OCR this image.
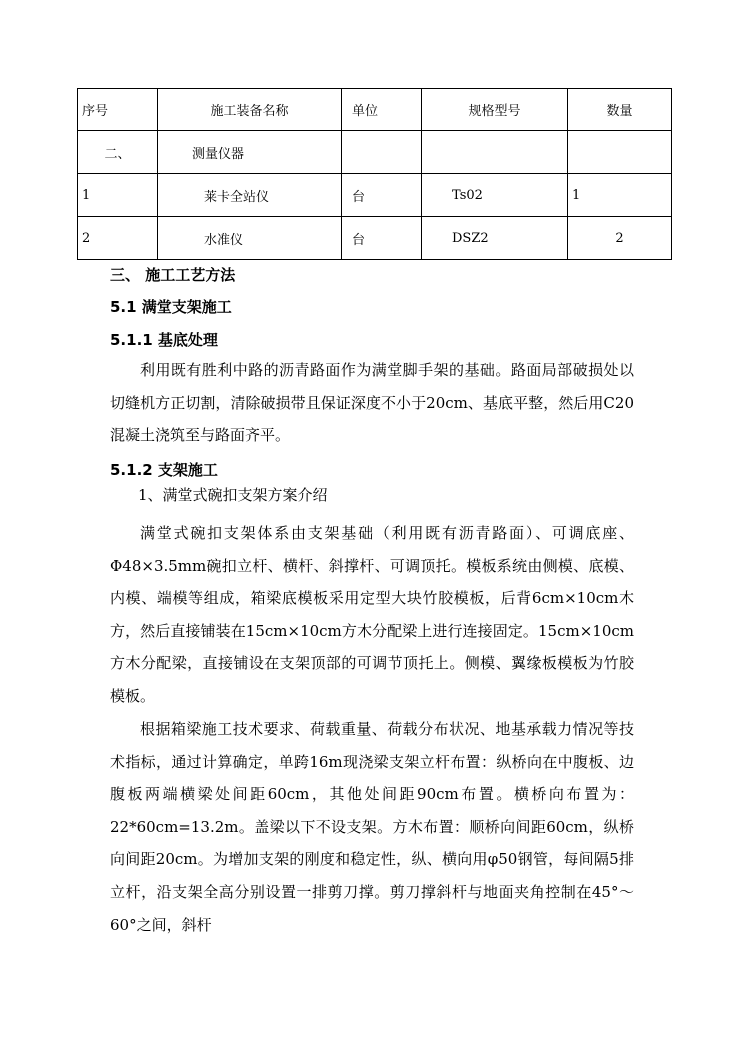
序号	施工装备名称	单位	规格型号	数量
二、	测量仪器			
1	莱卡全站仪	台	Ts02	1
2	水准仪	台	DSZ2	2
三、 施工工艺方法
5.1 满堂支架施工
5.1.1 基底处理

利用既有胜利中路的沥青路面作为满堂脚手架的基础。路面局部破损处以切缝机方正切割，清除破损带且保证深度不小于20cm、基底平整，然后用C20混凝土浇筑至与路面齐平。

5.1.2 支架施工
1、满堂式碗扣支架方案介绍

满堂式碗扣支架体系由支架基础（利用既有沥青路面）、可调底座、Φ48×3.5mm碗扣立杆、横杆、斜撑杆、可调顶托。模板系统由侧模、底模、内模、端模等组成，箱梁底模板采用定型大块竹胶模板，后背6cm×10cm木方，然后直接铺装在15cm×10cm方木分配梁上进行连接固定。15cm×10cm方木分配梁，直接铺设在支架顶部的可调节顶托上。侧模、翼缘板模板为竹胶模板。

根据箱梁施工技术要求、荷载重量、荷载分布状况、地基承载力情况等技术指标，通过计算确定，单跨16m现浇梁支架立杆布置：纵桥向在中腹板、边腹板两端横梁处间距60cm，其他处间距90cm布置。横桥向布置为：22*60cm=13.2m。盖梁以下不设支架。方木布置：顺桥向间距60cm，纵桥向间距20cm。为增加支架的刚度和稳定性，纵、横向用φ50钢管，每间隔5排立杆，沿支架全高分别设置一排剪刀撑。剪刀撑斜杆与地面夹角控制在45°～60°之间，斜杆
